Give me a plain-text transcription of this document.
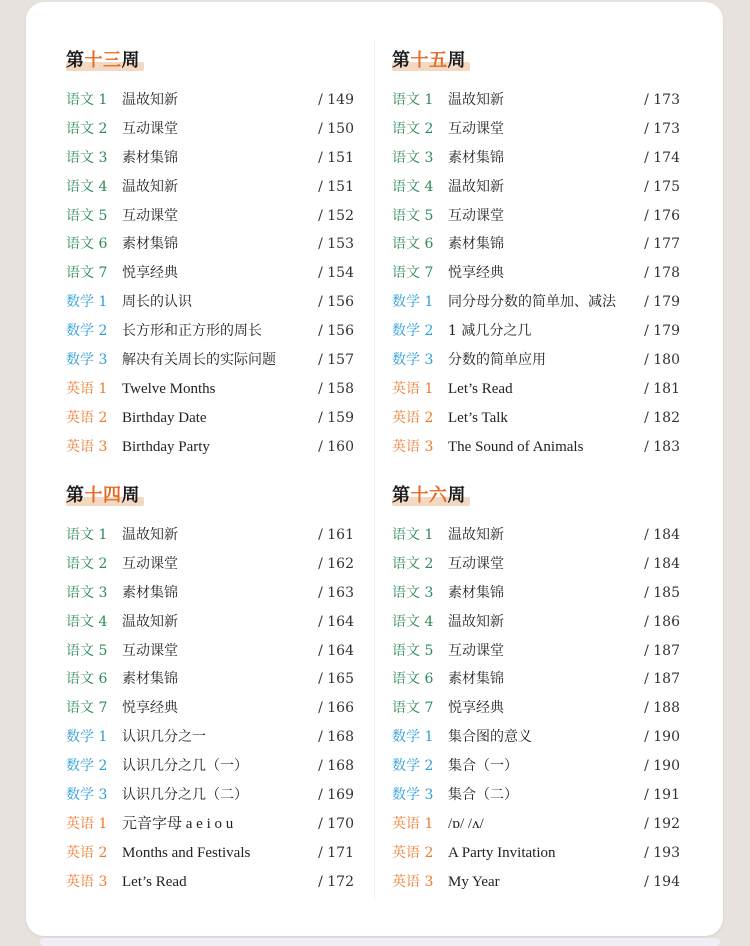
第十三周
语文 1	温故知新	/ 149
语文 2	互动课堂	/ 150
语文 3	素材集锦	/ 151
语文 4	温故知新	/ 151
语文 5	互动课堂	/ 152
语文 6	素材集锦	/ 153
语文 7	悦享经典	/ 154
数学 1	周长的认识	/ 156
数学 2	长方形和正方形的周长	/ 156
数学 3	解决有关周长的实际问题	/ 157
英语 1 Twelve Months	/ 158
英语 2 Birthday Date	/ 159
英语 3 Birthday Party	/ 160
第十五周
语文 1	温故知新	/ 173
语文 2	互动课堂	/ 173
语文 3	素材集锦	/ 174
语文 4	温故知新	/ 175
语文 5	互动课堂	/ 176
语文 6	素材集锦	/ 177
语文 7	悦享经典	/ 178
数学 1	同分母分数的简单加、减法 / 179
数学 2	1 减几分之几	/ 179
数学 3	分数的简单应用	/ 180
英语 1 Let’s Read	/ 181
英语 2 Let’s Talk	/ 182
英语 3 The Sound of Animals	/ 183
第十四周
语文 1	温故知新	/ 161
语文 2	互动课堂	/ 162
语文 3	素材集锦	/ 163
语文 4	温故知新	/ 164
语文 5	互动课堂	/ 164
语文 6	素材集锦	/ 165
语文 7	悦享经典	/ 166
数学 1	认识几分之一	/ 168
数学 2	认识几分之几（一）	/ 168
数学 3	认识几分之几（二）	/ 169
英语 1 元音字母 a e i o u	/ 170
英语 2 Months and Festivals	/ 171
英语 3 Let’s Read	/ 172
第十六周
语文 1	温故知新	/ 184
语文 2	互动课堂	/ 184
语文 3	素材集锦	/ 185
语文 4	温故知新	/ 186
语文 5	互动课堂	/ 187
语文 6	素材集锦	/ 187
语文 7	悦享经典	/ 188
数学 1	集合图的意义	/ 190
数学 2	集合（一）	/ 190
数学 3	集合（二）	/ 191
英语 1 /ɒ/ /ʌ/	/ 192
英语 2 A Party Invitation	/ 193
英语 3 My Year	/ 194
